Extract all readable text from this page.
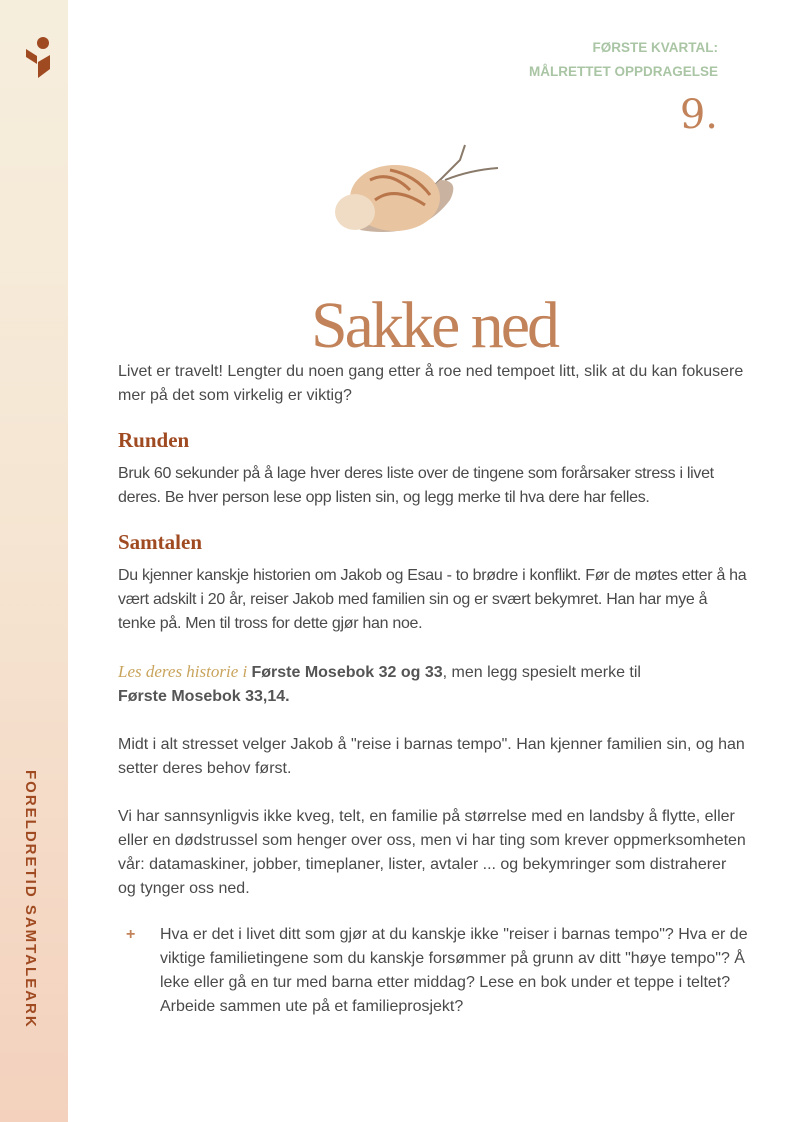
FORELDRETID SAMTALEARK
FØRSTE KVARTAL:
MÅLRETTET OPPDRAGELSE
9.
Sakke ned

Livet er travelt! Lengter du noen gang etter å roe ned tempoet litt, slik at du kan fokusere mer på det som virkelig er viktig?

Runden

Bruk 60 sekunder på å lage hver deres liste over de tingene som forårsaker stress i livet deres. Be hver person lese opp listen sin, og legg merke til hva dere har felles.

Samtalen

Du kjenner kanskje historien om Jakob og Esau - to brødre i konflikt. Før de møtes etter å ha vært adskilt i 20 år, reiser Jakob med familien sin og er svært bekymret. Han har mye å tenke på. Men til tross for dette gjør han noe.

Les deres historie i Første Mosebok 32 og 33, men legg spesielt merke til
Første Mosebok 33,14.

Midt i alt stresset velger Jakob å "reise i barnas tempo". Han kjenner familien sin, og han setter deres behov først.

Vi har sannsynligvis ikke kveg, telt, en familie på størrelse med en landsby å flytte, eller eller en dødstrussel som henger over oss, men vi har ting som krever oppmerksomheten vår: datamaskiner, jobber, timeplaner, lister, avtaler ... og bekymringer som distraherer og tynger oss ned.

+	Hva er det i livet ditt som gjør at du kanskje ikke "reiser i barnas tempo"? Hva er de viktige familietingene som du kanskje forsømmer på grunn av ditt "høye tempo"? Å leke eller gå en tur med barna etter middag? Lese en bok under et teppe i teltet? Arbeide sammen ute på et familieprosjekt?
